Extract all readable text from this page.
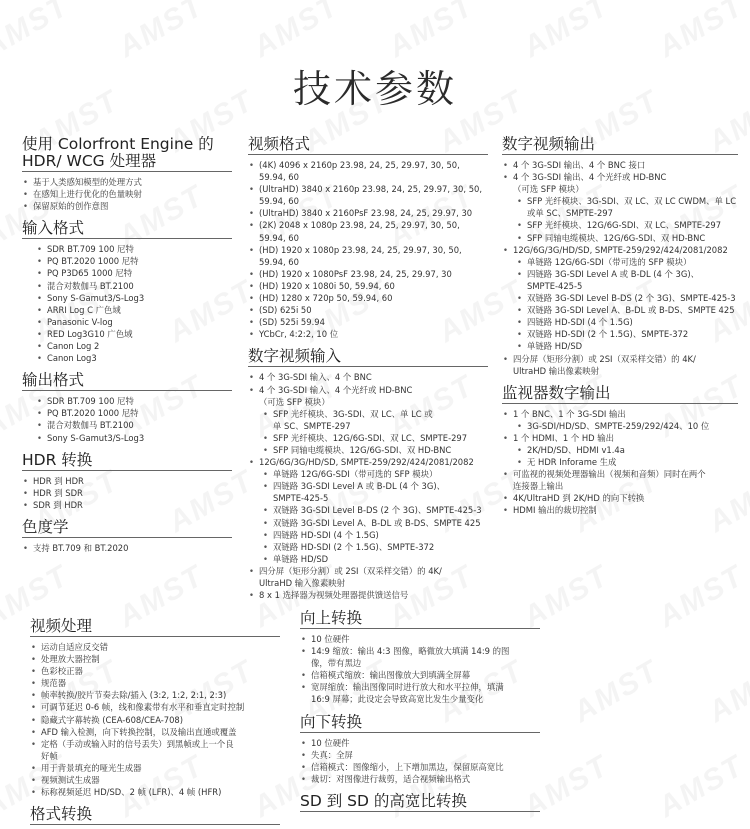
技术参数
使用 Colorfront Engine 的 HDR/ WCG 处理器
• 基于人类感知模型的处理方式
• 在感知上进行优化的色量映射
• 保留原始的创作意图
输入格式
• SDR BT.709 100 尼特
• PQ BT.2020 1000 尼特
• PQ P3D65 1000 尼特
• 混合对数伽马 BT.2100
• Sony S-Gamut3/S-Log3
• ARRI Log C 广色域
• Panasonic V-log
• RED Log3G10 广色域
• Canon Log 2
• Canon Log3
输出格式
• SDR BT.709 100 尼特
• PQ BT.2020 1000 尼特
• 混合对数伽马 BT.2100
• Sony S-Gamut3/S-Log3
HDR 转换
• HDR 到 HDR
• HDR 到 SDR
• SDR 到 HDR
色度学
• 支持 BT.709 和 BT.2020
视频格式
• (4K) 4096 x 2160p 23.98, 24, 25, 29.97, 30, 50, 59.94, 60
• (UltraHD) 3840 x 2160p 23.98, 24, 25, 29.97, 30, 50,
59.94, 60
• (UltraHD) 3840 x 2160PsF 23.98, 24, 25, 29.97, 30
• (2K) 2048 x 1080p 23.98, 24, 25, 29.97, 30, 50, 59.94, 60
• (HD) 1920 x 1080p 23.98, 24, 25, 29.97, 30, 50, 59.94, 60
• (HD) 1920 x 1080PsF 23.98, 24, 25, 29.97, 30
• (HD) 1920 x 1080i 50, 59.94, 60
• (HD) 1280 x 720p 50, 59.94, 60
• (SD) 625i 50
• (SD) 525i 59.94
• YCbCr, 4:2:2, 10 位
数字视频输入
• 4 个 3G-SDI 输入、4 个 BNC
• 4 个 3G-SDI 输入、4 个光纤或 HD-BNC
（可选 SFP 模块）
• SFP 光纤模块、3G-SDI、双 LC、单 LC 或
单 SC、SMPTE-297
• SFP 光纤模块、12G/6G-SDI、双 LC、SMPTE-297
• SFP 同轴电缆模块、12G/6G-SDI、双 HD-BNC
• 12G/6G/3G/HD/SD, SMPTE-259/292/424/2081/2082
• 单链路 12G/6G-SDI（带可选的 SFP 模块）
• 四链路 3G-SDI Level A 或 B-DL (4 个 3G)、
SMPTE-425-5
• 双链路 3G-SDI Level B-DS (2 个 3G)、SMPTE-425-3
• 双链路 3G-SDI Level A、B-DL 或 B-DS、SMPTE 425
• 四链路 HD-SDI (4 个 1.5G)
• 双链路 HD-SDI (2 个 1.5G)、SMPTE-372
• 单链路 HD/SD
• 四分屏（矩形分割）或 2SI（双采样交错）的 4K/
UltraHD 输入像素映射
• 8 x 1 选择器为视频处理器提供馈送信号
数字视频输出
• 4 个 3G-SDI 输出、4 个 BNC 接口
• 4 个 3G-SDI 输出、4 个光纤或 HD-BNC
（可选 SFP 模块）
• SFP 光纤模块、3G-SDI、双 LC、双 LC CWDM、单 LC
或单 SC、SMPTE-297
• SFP 光纤模块、12G/6G-SDI、双 LC、SMPTE-297
• SFP 同轴电缆模块、12G/6G-SDI、双 HD-BNC
• 12G/6G/3G/HD/SD, SMPTE-259/292/424/2081/2082
• 单链路 12G/6G-SDI（带可选的 SFP 模块）
• 四链路 3G-SDI Level A 或 B-DL (4 个 3G)、
SMPTE-425-5
• 双链路 3G-SDI Level B-DS (2 个 3G)、SMPTE-425-3
• 双链路 3G-SDI Level A、B-DL 或 B-DS、SMPTE 425
• 四链路 HD-SDI (4 个 1.5G)
• 双链路 HD-SDI (2 个 1.5G)、SMPTE-372
• 单链路 HD/SD
• 四分屏（矩形分割）或 2SI（双采样交错）的 4K/
UltraHD 输出像素映射
监视器数字输出
• 1 个 BNC、1 个 3G-SDI 输出
• 3G-SDI/HD/SD、SMPTE-259/292/424、10 位
• 1 个 HDMI、1 个 HD 输出
• 2K/HD/SD、HDMI v1.4a
• 无 HDR Inforame 生成
• 可监视的视频处理器输出（视频和音频）同时在两个
连接器上输出
• 4K/UltraHD 到 2K/HD 的向下转换
• HDMI 输出的裁切控制
视频处理
• 运动自适应反交错
• 处理放大器控制
• 色彩校正器
• 规范器
• 帧率转换/胶片节奏去除/插入 (3:2, 1:2, 2:1, 2:3)
• 可调节延迟 0-6 帧，线和像素带有水平和垂直定时控制
• 隐藏式字幕转换 (CEA-608/CEA-708)
• AFD 输入检测，向下转换控制，以及输出直通或覆盖
• 定格（手动或输入时的信号丢失）到黑帧或上一个良
好帧
• 用于背景填充的哑光生成器
• 视频测试生成器
• 标称视频延迟 HD/SD、2 帧 (LFR)、4 帧 (HFR)
格式转换
向上转换
• 10 位硬件
• 14:9 缩放：输出 4:3 图像，略微放大填满 14:9 的图
像，带有黑边
• 信箱模式缩放：输出图像放大到填满全屏幕
• 宽屏缩放：输出图像同时进行放大和水平拉伸，填满
16:9 屏幕；此设定会导致高宽比发生少量变化
向下转换
• 10 位硬件
• 失真：全屏
• 信箱模式：图像缩小，上下增加黑边，保留原高宽比
• 裁切：对图像进行裁剪，适合视频输出格式
SD 到 SD 的高宽比转换
